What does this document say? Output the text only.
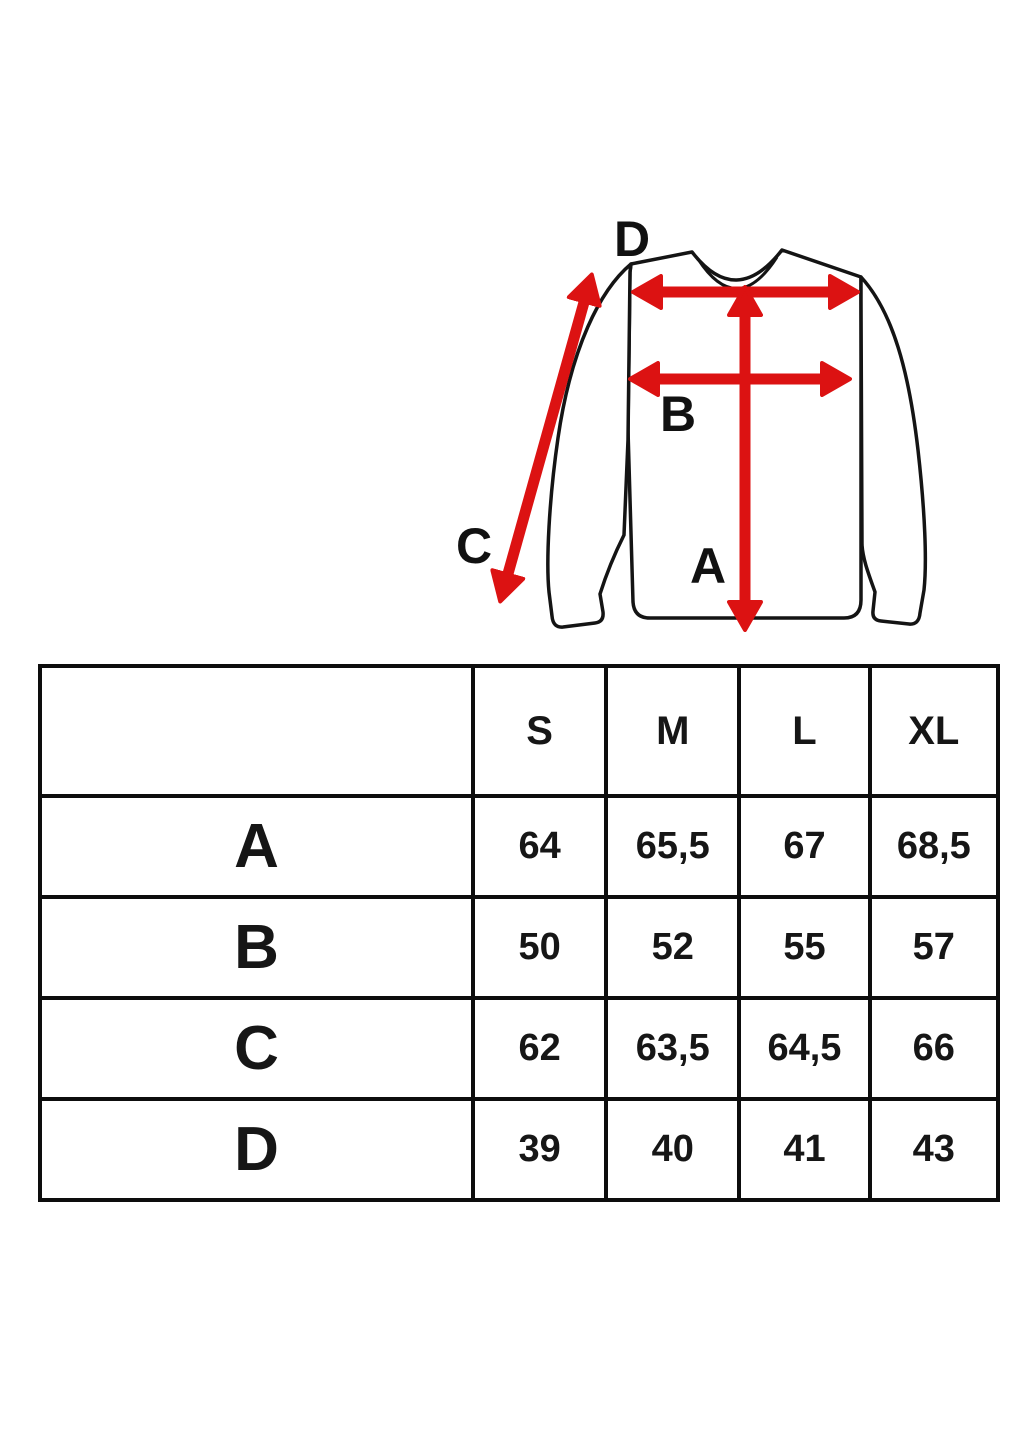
D
C
B
A
	S	M	L	XL
A	64	65,5	67	68,5
B	50	52	55	57
C	62	63,5	64,5	66
D	39	40	41	43
